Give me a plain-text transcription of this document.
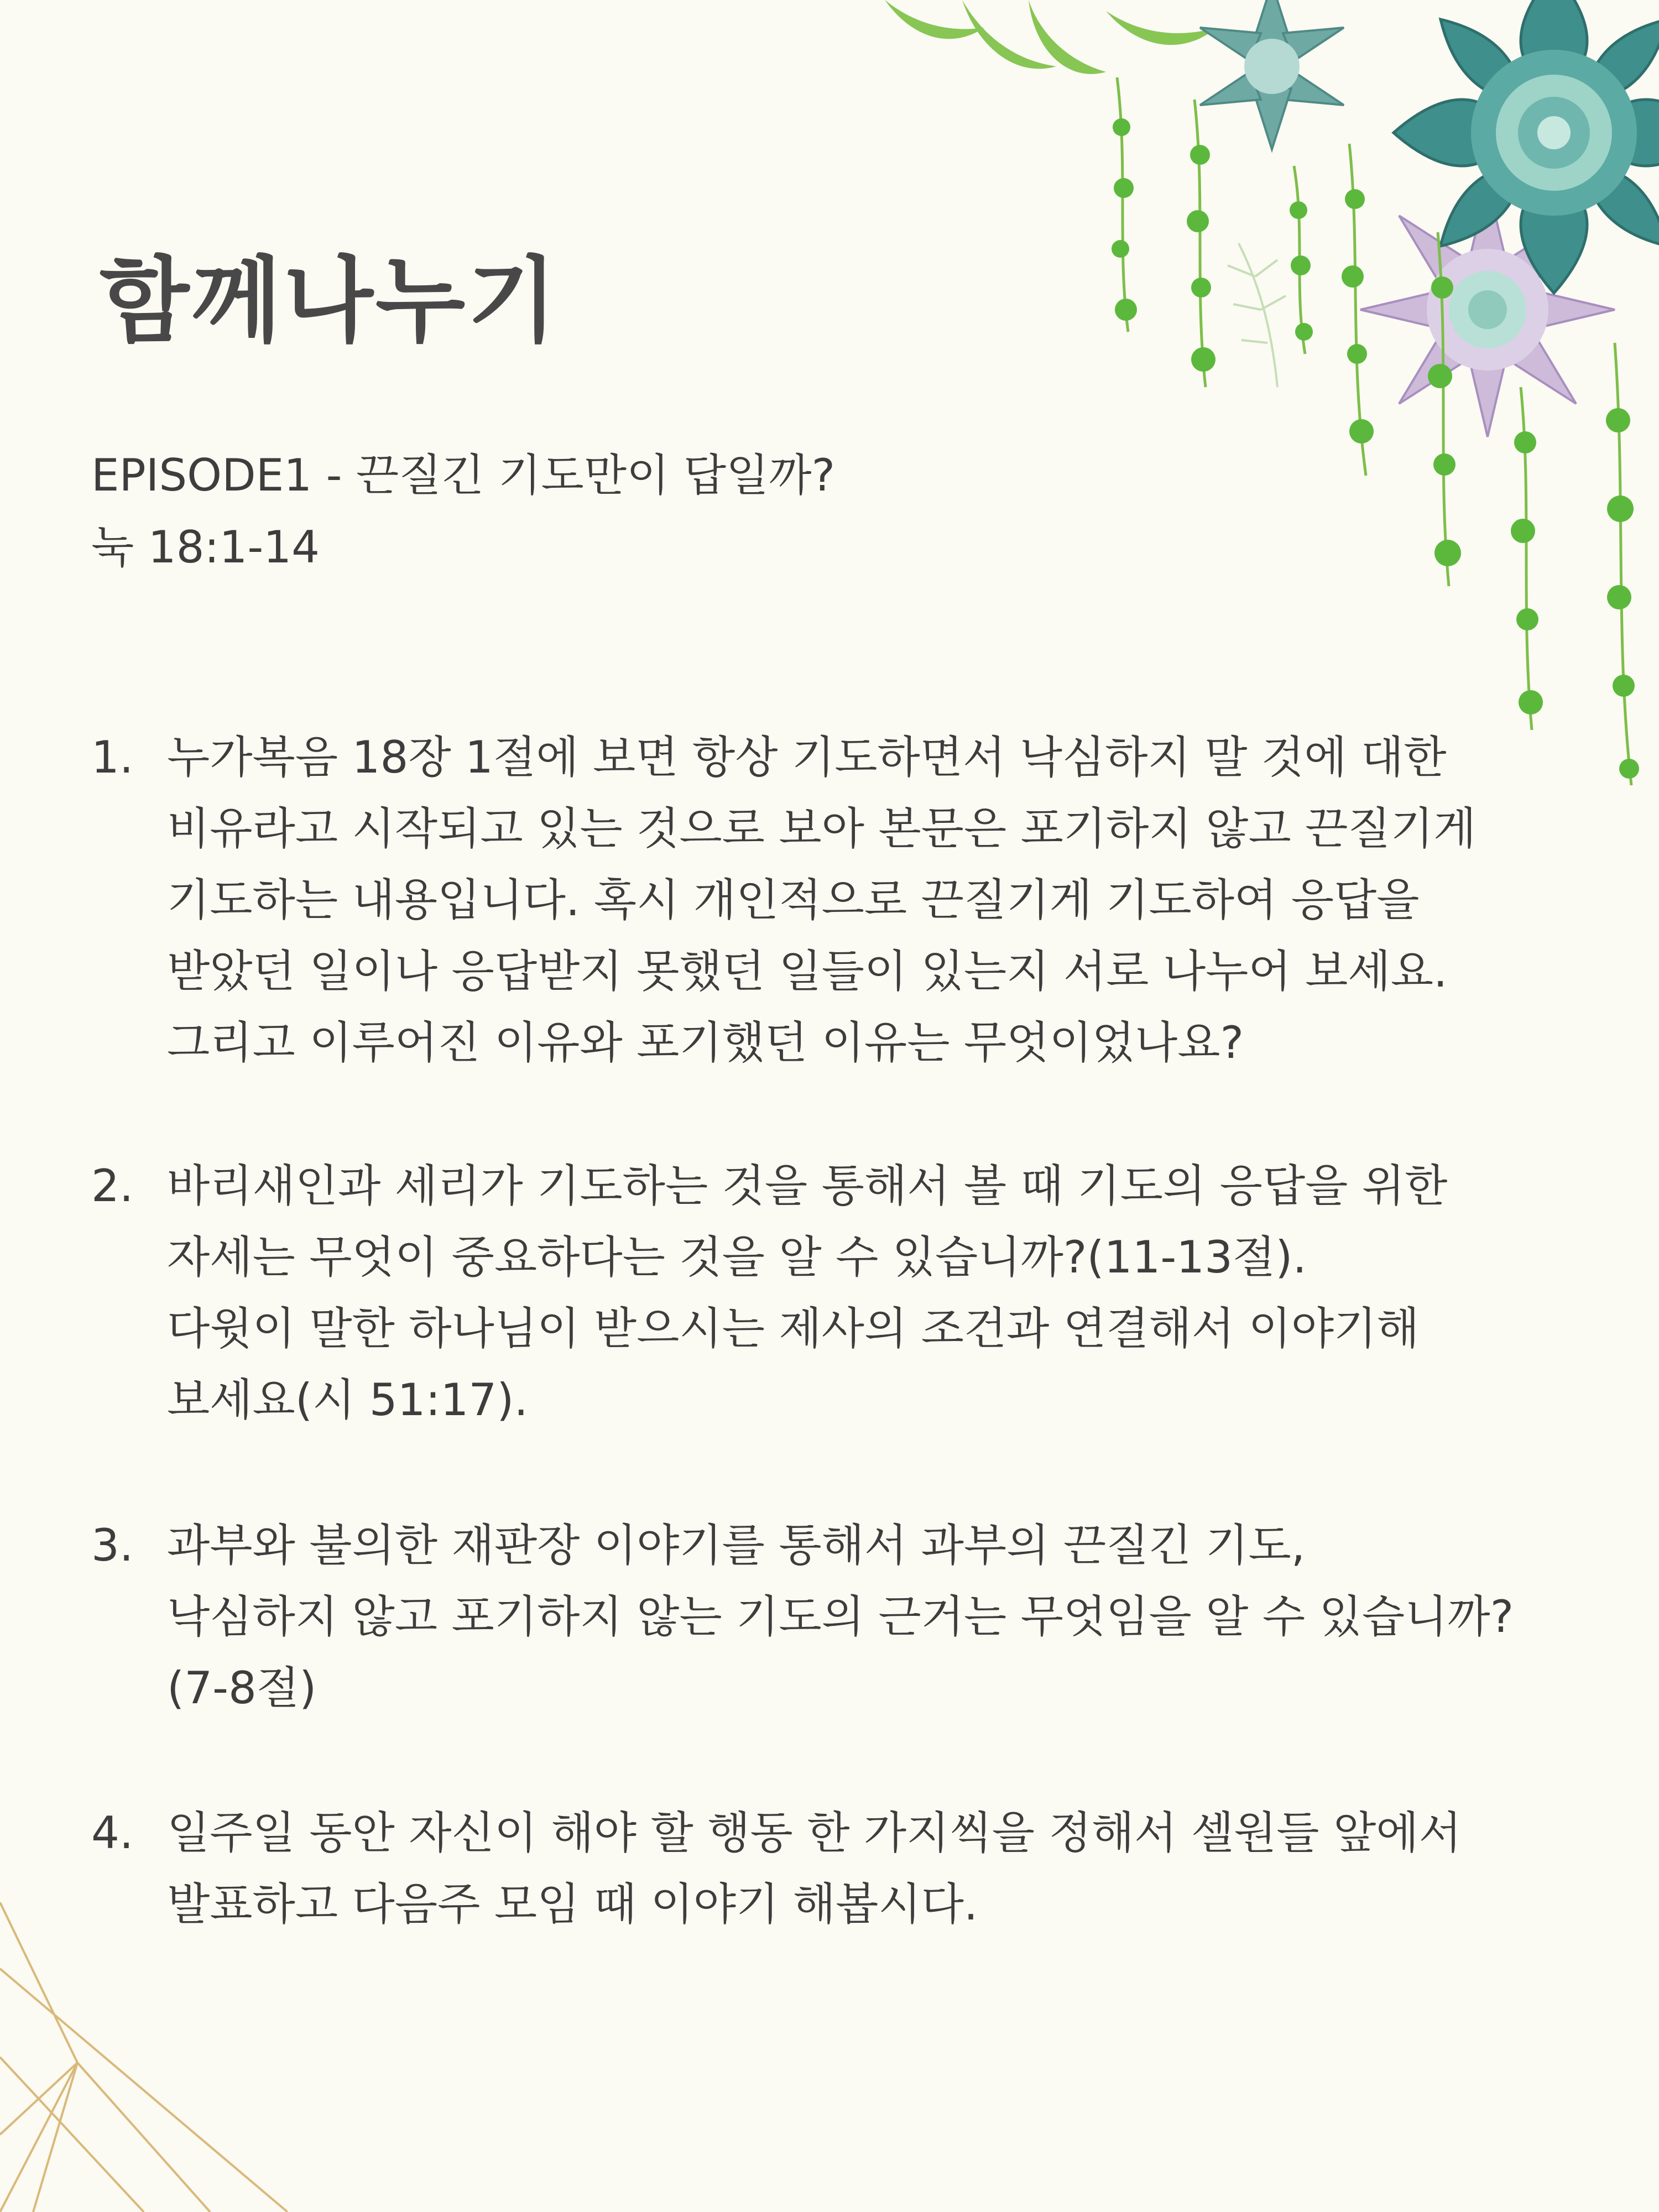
함께나누기
EPISODE1 - 끈질긴 기도만이 답일까?
눅 18:1-14
1. 누가복음 18장 1절에 보면 항상 기도하면서 낙심하지 말 것에 대한
비유라고 시작되고 있는 것으로 보아 본문은 포기하지 않고 끈질기게
기도하는 내용입니다. 혹시 개인적으로 끈질기게 기도하여 응답을
받았던 일이나 응답받지 못했던 일들이 있는지 서로 나누어 보세요.
그리고 이루어진 이유와 포기했던 이유는 무엇이었나요?
2. 바리새인과 세리가 기도하는 것을 통해서 볼 때 기도의 응답을 위한
자세는 무엇이 중요하다는 것을 알 수 있습니까?(11-13절).
다윗이 말한 하나님이 받으시는 제사의 조건과 연결해서 이야기해
보세요(시 51:17).
3. 과부와 불의한 재판장 이야기를 통해서 과부의 끈질긴 기도,
낙심하지 않고 포기하지 않는 기도의 근거는 무엇임을 알 수 있습니까?
(7-8절)
4. 일주일 동안 자신이 해야 할 행동 한 가지씩을 정해서 셀원들 앞에서
발표하고 다음주 모임 때 이야기 해봅시다.
